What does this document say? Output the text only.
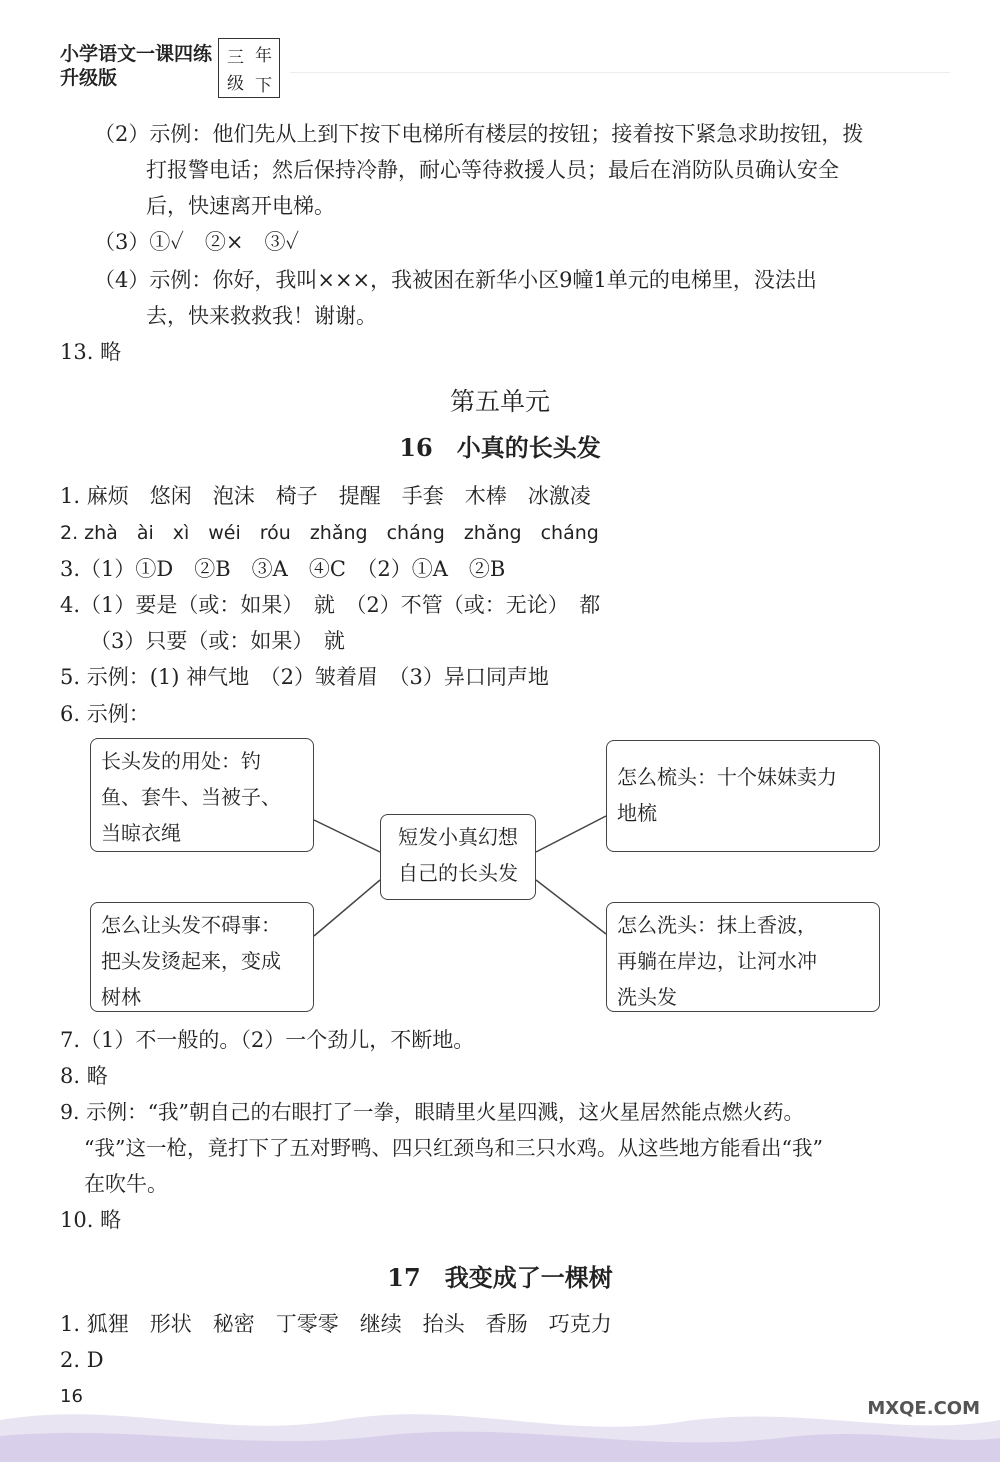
小学语文一课四练
升级版
三 年
级 下
（2）示例：他们先从上到下按下电梯所有楼层的按钮；接着按下紧急求助按钮，拨
打报警电话；然后保持冷静，耐心等待救援人员；最后在消防队员确认安全
后，快速离开电梯。
（3）①✓　②×　③✓
（4）示例：你好，我叫×××，我被困在新华小区9幢1单元的电梯里，没法出
去，快来救救我！谢谢。
13. 略
第五单元
16　小真的长头发
1. 麻烦　悠闲　泡沫　椅子　提醒　手套　木棒　冰激凌
2. zhà　ài　xì　wéi　róu　zhǎng　cháng　zhǎng　cháng
3.（1）①D　②B　③A　④C　（2）①A　②B
4.（1）要是（或：如果）　就　（2）不管（或：无论）　都
（3）只要（或：如果）　就
5. 示例：(1) 神气地　（2）皱着眉　（3）异口同声地
6. 示例：
长头发的用处：钓
鱼、套牛、当被子、
当晾衣绳
怎么梳头：十个妹妹卖力
地梳
短发小真幻想
自己的长头发
怎么让头发不碍事：
把头发烫起来，变成
树林
怎么洗头：抹上香波，
再躺在岸边，让河水冲
洗头发
7.（1）不一般的。（2）一个劲儿，不断地。
8. 略
9. 示例：“我”朝自己的右眼打了一拳，眼睛里火星四溅，这火星居然能点燃火药。
“我”这一枪，竟打下了五对野鸭、四只红颈鸟和三只水鸡。从这些地方能看出“我”
在吹牛。
10. 略
17　我变成了一棵树
1. 狐狸　形状　秘密　丁零零　继续　抬头　香肠　巧克力
2. D
16
MXQE.COM
